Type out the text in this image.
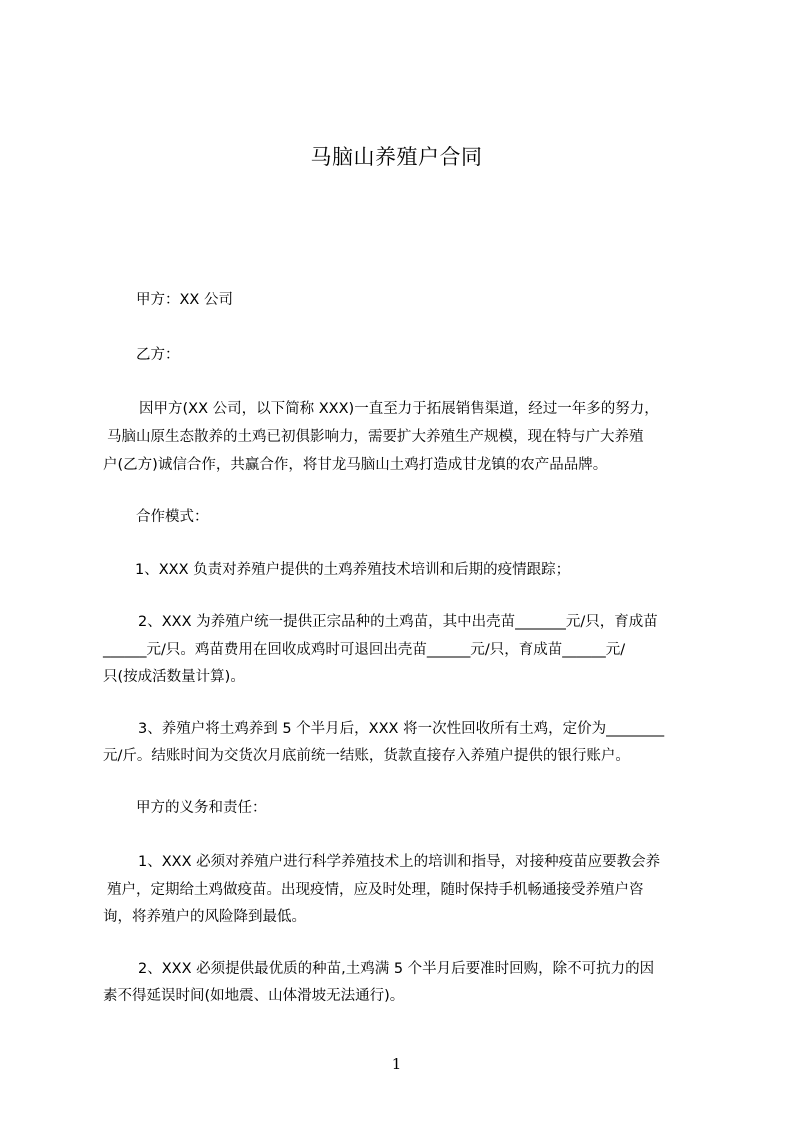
马脑山养殖户合同

甲方：XX 公司

乙方：

因甲方(XX 公司，以下简称 XXX)一直至力于拓展销售渠道，经过一年多的努力，

马脑山原生态散养的土鸡已初俱影响力，需要扩大养殖生产规模，现在特与广大养殖

户(乙方)诚信合作，共赢合作，将甘龙马脑山土鸡打造成甘龙镇的农产品品牌。

合作模式：

1、XXX 负责对养殖户提供的土鸡养殖技术培训和后期的疫情跟踪；

2、XXX 为养殖户统一提供正宗品种的土鸡苗，其中出壳苗_______元/只，育成苗

______元/只。鸡苗费用在回收成鸡时可退回出壳苗______元/只，育成苗______元/

只(按成活数量计算)。

3、养殖户将土鸡养到 5 个半月后，XXX 将一次性回收所有土鸡，定价为________

元/斤。结账时间为交货次月底前统一结账，货款直接存入养殖户提供的银行账户。

甲方的义务和责任：

1、XXX 必须对养殖户进行科学养殖技术上的培训和指导，对接种疫苗应要教会养

殖户，定期给土鸡做疫苗。出现疫情，应及时处理，随时保持手机畅通接受养殖户咨

询，将养殖户的风险降到最低。

2、XXX 必须提供最优质的种苗,土鸡满 5 个半月后要准时回购，除不可抗力的因

素不得延误时间(如地震、山体滑坡无法通行)。

1
